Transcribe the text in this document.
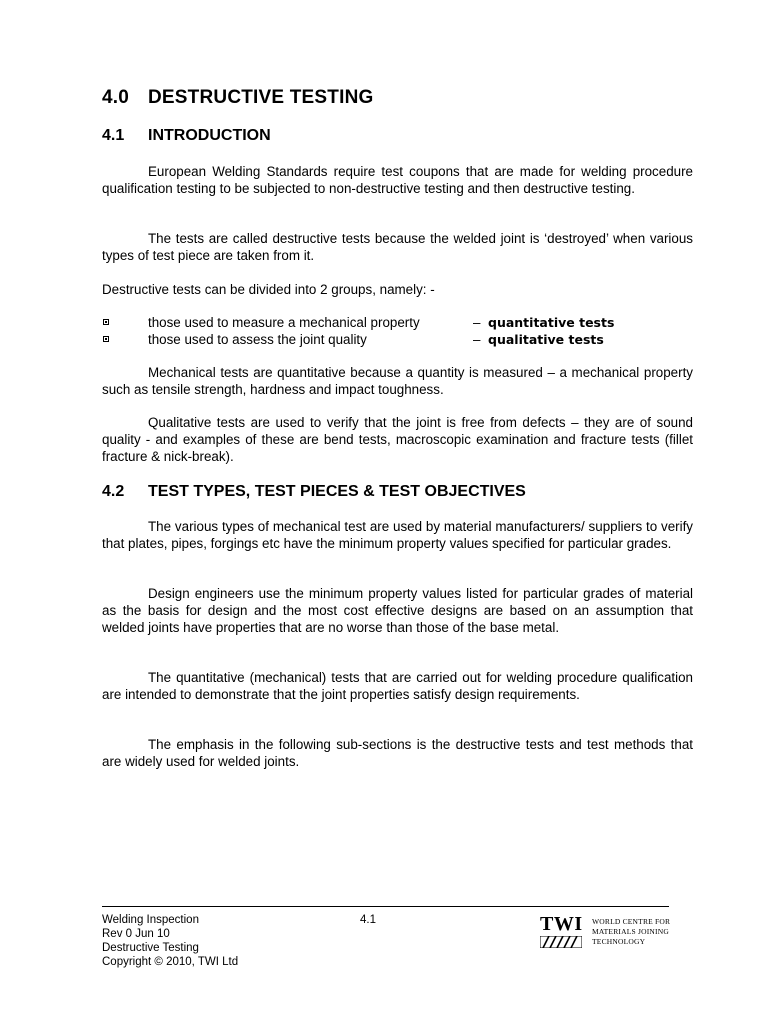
4.0 DESTRUCTIVE TESTING
4.1 INTRODUCTION

European Welding Standards require test coupons that are made for welding procedure qualification testing to be subjected to non-destructive testing and then destructive testing.

The tests are called destructive tests because the welded joint is ‘destroyed’ when various types of test piece are taken from it.

Destructive tests can be divided into 2 groups, namely: -

those used to measure a mechanical property	– quantitative tests
those used to assess the joint quality	– qualitative tests

Mechanical tests are quantitative because a quantity is measured – a mechanical property such as tensile strength, hardness and impact toughness.

Qualitative tests are used to verify that the joint is free from defects – they are of sound quality - and examples of these are bend tests, macroscopic examination and fracture tests (fillet fracture & nick-break).

4.2 TEST TYPES, TEST PIECES & TEST OBJECTIVES

The various types of mechanical test are used by material manufacturers/ suppliers to verify that plates, pipes, forgings etc have the minimum property values specified for particular grades.

Design engineers use the minimum property values listed for particular grades of material as the basis for design and the most cost effective designs are based on an assumption that welded joints have properties that are no worse than those of the base metal.

The quantitative (mechanical) tests that are carried out for welding procedure qualification are intended to demonstrate that the joint properties satisfy design requirements.

The emphasis in the following sub-sections is the destructive tests and test methods that are widely used for welded joints.

Welding Inspection
Rev 0 Jun 10
Destructive Testing
Copyright © 2010, TWI Ltd
4.1	TWI WORLD CENTRE FOR
MATERIALS JOINING
TECHNOLOGY
